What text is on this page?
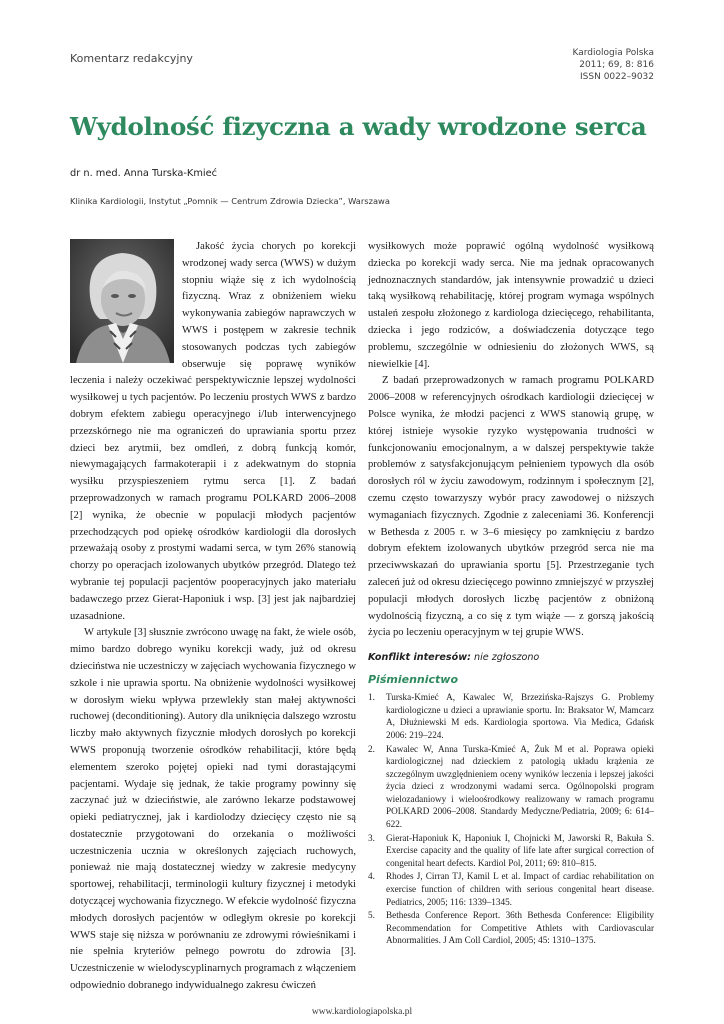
Komentarz redakcyjny	Kardiologia Polska
2011; 69, 8: 816
ISSN 0022–9032
Wydolność fizyczna a wady wrodzone serca
dr n. med. Anna Turska-Kmieć
Klinika Kardiologii, Instytut „Pomnik — Centrum Zdrowia Dziecka”, Warszawa

Jakość życia chorych po korekcji wrodzonej wady serca (WWS) w dużym stopniu wiąże się z ich wydolnością fizyczną. Wraz z obniżeniem wieku wykonywania zabiegów naprawczych w WWS i postępem w zakresie technik stosowanych podczas tych zabiegów obserwuje się poprawę wyników leczenia i należy oczekiwać perspektywicznie lepszej wydolności wysiłkowej u tych pacjentów. Po leczeniu prostych WWS z bardzo dobrym efektem zabiegu operacyjnego i/lub interwencyjnego przezskórnego nie ma ograniczeń do uprawiania sportu przez dzieci bez arytmii, bez omdleń, z dobrą funkcją komór, niewymagających farmakoterapii i z adekwatnym do stopnia wysiłku przyspieszeniem rytmu serca [1]. Z badań przeprowadzonych w ramach programu POLKARD 2006–2008 [2] wynika, że obecnie w populacji młodych pacjentów przechodzących pod opiekę ośrodków kardiologii dla dorosłych przeważają osoby z prostymi wadami serca, w tym 26% stanowią chorzy po operacjach izolowanych ubytków przegród. Dlatego też wybranie tej populacji pacjentów pooperacyjnych jako materiału badawczego przez Gierat-Haponiuk i wsp. [3] jest jak najbardziej uzasadnione.

W artykule [3] słusznie zwrócono uwagę na fakt, że wiele osób, mimo bardzo dobrego wyniku korekcji wady, już od okresu dzieciństwa nie uczestniczy w zajęciach wychowania fizycznego w szkole i nie uprawia sportu. Na obniżenie wydolności wysiłkowej w dorosłym wieku wpływa przewlekły stan małej aktywności ruchowej (deconditioning). Autory dla uniknięcia dalszego wzrostu liczby mało aktywnych fizycznie młodych dorosłych po korekcji WWS proponują tworzenie ośrodków rehabilitacji, które będą elementem szeroko pojętej opieki nad tymi dorastającymi pacjentami. Wydaje się jednak, że takie programy powinny się zaczynać już w dzieciństwie, ale zarówno lekarze podstawowej opieki pediatrycznej, jak i kardiolodzy dziecięcy często nie są dostatecznie przygotowani do orzekania o możliwości uczestniczenia ucznia w określonych zajęciach ruchowych, ponieważ nie mają dostatecznej wiedzy w zakresie medycyny sportowej, rehabilitacji, terminologii kultury fizycznej i metodyki dotyczącej wychowania fizycznego. W efekcie wydolność fizyczna młodych dorosłych pacjentów w odległym okresie po korekcji WWS staje się niższa w porównaniu ze zdrowymi rówieśnikami i nie spełnia kryteriów pełnego powrotu do zdrowia [3]. Uczestniczenie w wielodyscyplinarnych programach z włączeniem odpowiednio dobranego indywidualnego zakresu ćwiczeń

wysiłkowych może poprawić ogólną wydolność wysiłkową dziecka po korekcji wady serca. Nie ma jednak opracowanych jednoznacznych standardów, jak intensywnie prowadzić u dzieci taką wysiłkową rehabilitację, której program wymaga wspólnych ustaleń zespołu złożonego z kardiologa dziecięcego, rehabilitanta, dziecka i jego rodziców, a doświadczenia dotyczące tego problemu, szczególnie w odniesieniu do złożonych WWS, są niewielkie [4].

Z badań przeprowadzonych w ramach programu POLKARD 2006–2008 w referencyjnych ośrodkach kardiologii dziecięcej w Polsce wynika, że młodzi pacjenci z WWS stanowią grupę, w której istnieje wysokie ryzyko występowania trudności w funkcjonowaniu emocjonalnym, a w dalszej perspektywie także problemów z satysfakcjonującym pełnieniem typowych dla osób dorosłych ról w życiu zawodowym, rodzinnym i społecznym [2], czemu często towarzyszy wybór pracy zawodowej o niższych wymaganiach fizycznych. Zgodnie z zaleceniami 36. Konferencji w Bethesda z 2005 r. w 3–6 miesięcy po zamknięciu z bardzo dobrym efektem izolowanych ubytków przegród serca nie ma przeciwwskazań do uprawiania sportu [5]. Przestrzeganie tych zaleceń już od okresu dziecięcego powinno zmniejszyć w przyszłej populacji młodych dorosłych liczbę pacjentów z obniżoną wydolnością fizyczną, a co się z tym wiąże — z gorszą jakością życia po leczeniu operacyjnym w tej grupie WWS.

Konflikt interesów: nie zgłoszono
Piśmiennictwo
1.	Turska-Kmieć A, Kawalec W, Brzezińska-Rajszys G. Problemy kardiologiczne u dzieci a uprawianie sportu. In: Braksator W, Mamcarz A, Dłużniewski M eds. Kardiologia sportowa. Via Medica, Gdańsk 2006: 219–224.
2.	Kawalec W, Anna Turska-Kmieć A, Żuk M et al. Poprawa opieki kardiologicznej nad dzieckiem z patologią układu krążenia ze szczególnym uwzględnieniem oceny wyników leczenia i lepszej jakości życia dzieci z wrodzonymi wadami serca. Ogólnopolski program wielozadaniowy i wieloośrodkowy realizowany w ramach programu POLKARD 2006–2008. Standardy Medyczne/Pediatria, 2009; 6: 614–622.
3.	Gierat-Haponiuk K, Haponiuk I, Chojnicki M, Jaworski R, Bakuła S. Exercise capacity and the quality of life late after surgical correction of congenital heart defects. Kardiol Pol, 2011; 69: 810–815.
4.	Rhodes J, Cirran TJ, Kamil L et al. Impact of cardiac rehabilitation on exercise function of children with serious congenital heart disease. Pediatrics, 2005; 116: 1339–1345.
5.	Bethesda Conference Report. 36th Bethesda Conference: Eligibility Recommendation for Competitive Athlets with Cardiovascular Abnormalities. J Am Coll Cardiol, 2005; 45: 1310–1375.
www.kardiologiapolska.pl
